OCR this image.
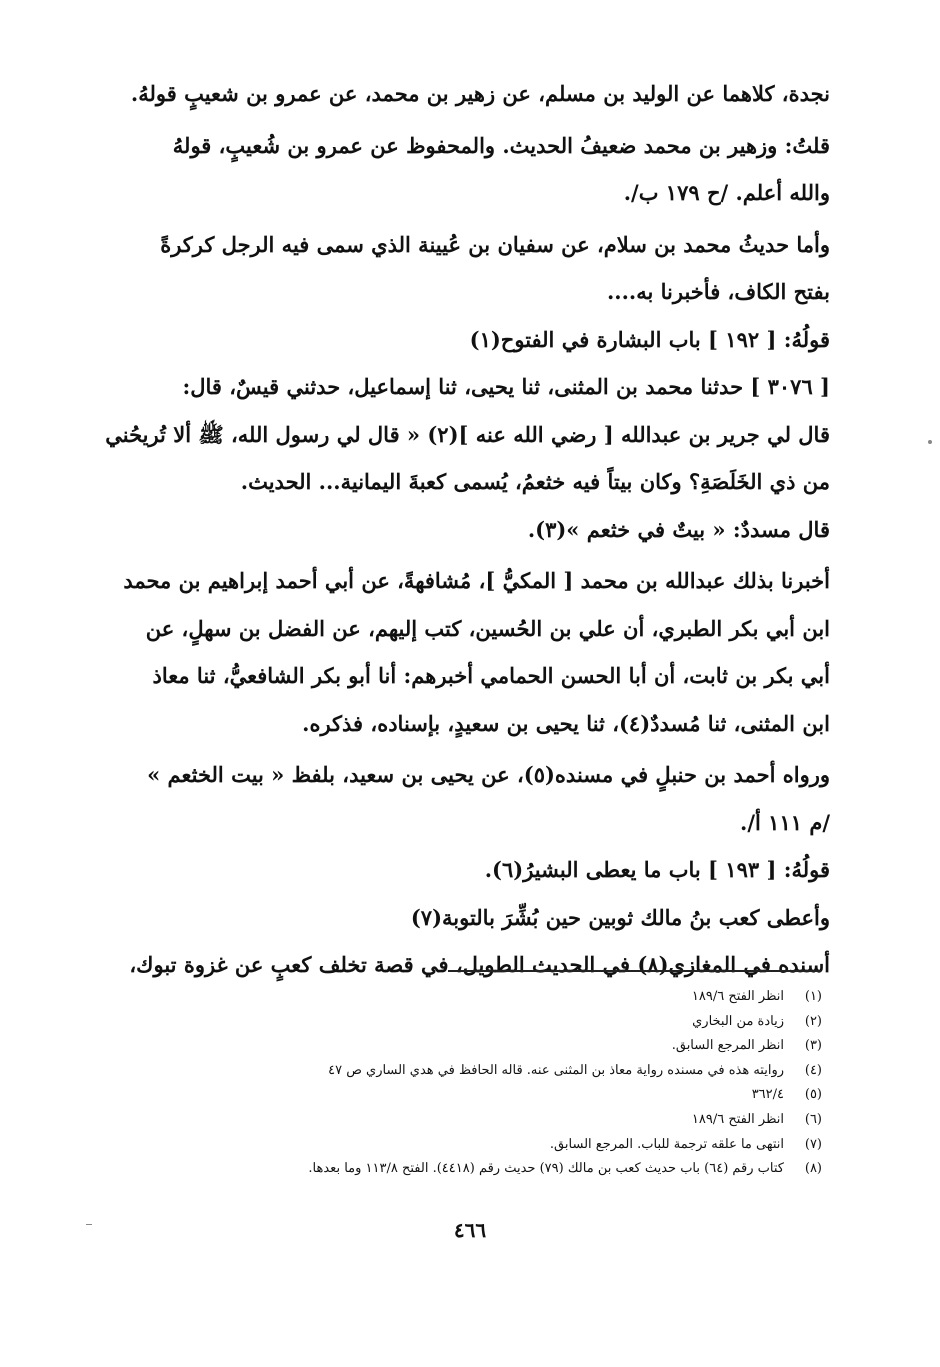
نجدة، كلاهما عن الوليد بن مسلم، عن زهير بن محمد، عن عمرو بن شعيبٍ قولهُ.
قلتُ: وزهير بن محمد ضعيفُ الحديث. والمحفوظ عن عمرو بن شُعيبٍ، قولهُ
والله أعلم. /ح ١٧٩ ب/.
وأما حديثُ محمد بن سلام، عن سفيان بن عُيينة الذي سمى فيه الرجل كركرةً
بفتح الكاف، فأخبرنا به....
قولُهُ: [ ١٩٢ ] باب البشارة في الفتوح(١)
[ ٣٠٧٦ ] حدثنا محمد بن المثنى، ثنا يحيى، ثنا إسماعيل، حدثني قيسٌ، قال:
قال لي جرير بن عبدالله [ رضي الله عنه ](٢) « قال لي رسول الله، ﷺ ألا تُريحُني
من ذي الخَلَصَةِ؟ وكان بيتاً فيه خثعمُ، يُسمى كعبةَ اليمانية... الحديث.
قال مسددٌ: « بيتٌ في خثعم »(٣).
أخبرنا بذلك عبدالله بن محمد [ المكيُّ ]، مُشافهةً، عن أبي أحمد إبراهيم بن محمد
ابن أبي بكر الطبري، أن علي بن الحُسين، كتب إليهم، عن الفضل بن سهلٍ، عن
أبي بكر بن ثابت، أن أبا الحسن الحمامي أخبرهم: أنا أبو بكر الشافعيُّ، ثنا معاذ
ابن المثنى، ثنا مُسددٌ(٤)، ثنا يحيى بن سعيدٍ، بإسناده، فذكره.
ورواه أحمد بن حنبلٍ في مسنده(٥)، عن يحيى بن سعيد، بلفظ « بيت الخثعم »
/م ١١١ أ/.
قولُهُ: [ ١٩٣ ] باب ما يعطى البشيرُ(٦).
وأعطى كعب بنُ مالك ثوبين حين بُشِّرَ بالتوبة(٧)
أسنده في المغازي(٨) في الحديث الطويل، في قصة تخلف كعبٍ عن غزوة تبوك،
(١)انظر الفتح ١٨٩/٦
(٢)زيادة من البخاري
(٣)انظر المرجع السابق.
(٤)روايته هذه في مسنده رواية معاذ بن المثنى عنه. قاله الحافظ في هدي الساري ص ٤٧
(٥)٣٦٢/٤
(٦)انظر الفتح ١٨٩/٦
(٧)انتهى ما علقه ترجمة للباب. المرجع السابق.
(٨)كتاب رقم (٦٤) باب حديث كعب بن مالك (٧٩) حديث رقم (٤٤١٨). الفتح ١١٣/٨ وما بعدها.
٤٦٦
